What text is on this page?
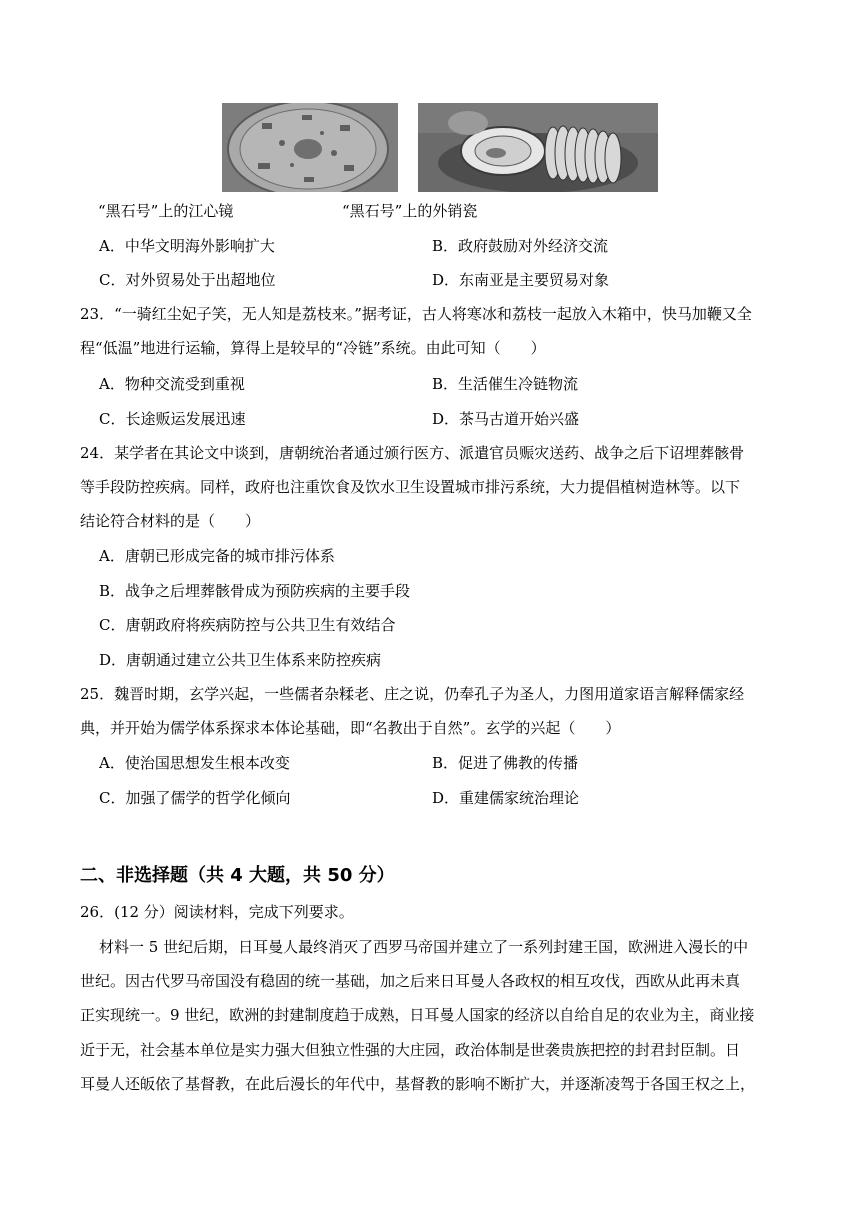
“黑石号”上的江心镜	“黑石号”上的外销瓷
A．中华文明海外影响扩大	B．政府鼓励对外经济交流
C．对外贸易处于出超地位	D．东南亚是主要贸易对象
23．“一骑红尘妃子笑，无人知是荔枝来。”据考证，古人将寒冰和荔枝一起放入木箱中，快马加鞭又全
程“低温”地进行运输，算得上是较早的“冷链”系统。由此可知（　　）
A．物种交流受到重视	B．生活催生冷链物流
C．长途贩运发展迅速	D．茶马古道开始兴盛
24．某学者在其论文中谈到，唐朝统治者通过颁行医方、派遣官员赈灾送药、战争之后下诏埋葬骸骨
等手段防控疾病。同样，政府也注重饮食及饮水卫生设置城市排污系统，大力提倡植树造林等。以下
结论符合材料的是（　　）
A．唐朝已形成完备的城市排污体系
B．战争之后埋葬骸骨成为预防疾病的主要手段
C．唐朝政府将疾病防控与公共卫生有效结合
D．唐朝通过建立公共卫生体系来防控疾病
25．魏晋时期，玄学兴起，一些儒者杂糅老、庄之说，仍奉孔子为圣人，力图用道家语言解释儒家经
典，并开始为儒学体系探求本体论基础，即“名教出于自然”。玄学的兴起（　　）
A．使治国思想发生根本改变	B．促进了佛教的传播
C．加强了儒学的哲学化倾向	D．重建儒家统治理论
二、非选择题（共 4 大题，共 50 分）
26．(12 分）阅读材料，完成下列要求。
材料一 5 世纪后期，日耳曼人最终消灭了西罗马帝国并建立了一系列封建王国，欧洲进入漫长的中
世纪。因古代罗马帝国没有稳固的统一基础，加之后来日耳曼人各政权的相互攻伐，西欧从此再未真
正实现统一。9 世纪，欧洲的封建制度趋于成熟，日耳曼人国家的经济以自给自足的农业为主，商业接
近于无，社会基本单位是实力强大但独立性强的大庄园，政治体制是世袭贵族把控的封君封臣制。日
耳曼人还皈依了基督教，在此后漫长的年代中，基督教的影响不断扩大，并逐渐凌驾于各国王权之上，
